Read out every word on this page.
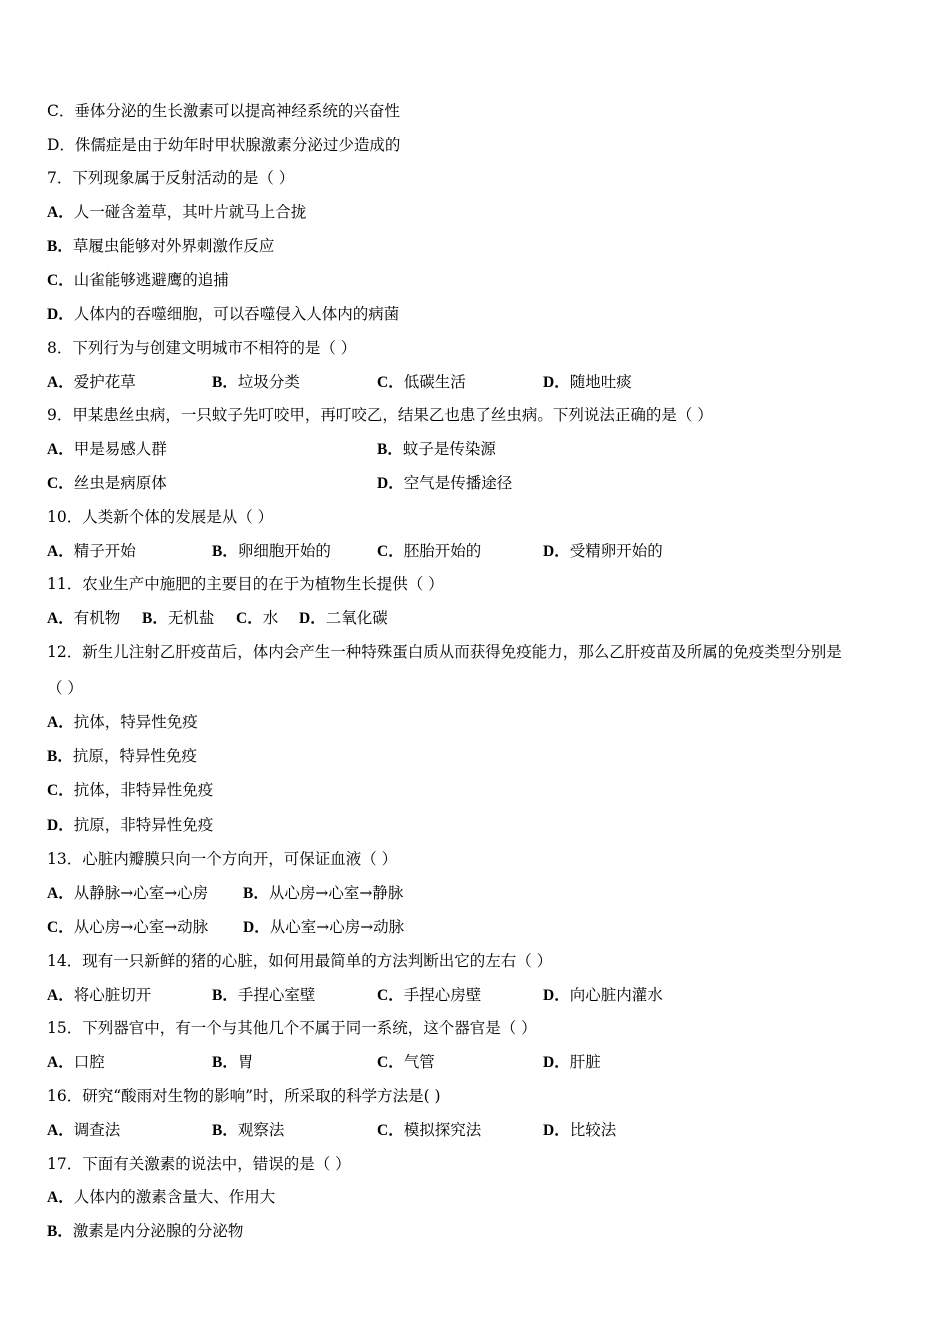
C．垂体分泌的生长激素可以提高神经系统的兴奋性
D．侏儒症是由于幼年时甲状腺激素分泌过少造成的
7．下列现象属于反射活动的是（ ）
A．人一碰含羞草，其叶片就马上合拢
B．草履虫能够对外界刺激作反应
C．山雀能够逃避鹰的追捕
D．人体内的吞噬细胞，可以吞噬侵入人体内的病菌
8．下列行为与创建文明城市不相符的是（ ）
A．爱护花草	B．垃圾分类	C．低碳生活	D．随地吐痰
9．甲某患丝虫病，一只蚊子先叮咬甲，再叮咬乙，结果乙也患了丝虫病。下列说法正确的是（ ）
A．甲是易感人群	B．蚊子是传染源
C．丝虫是病原体	D．空气是传播途径
10．人类新个体的发展是从（ ）
A．精子开始	B．卵细胞开始的	C．胚胎开始的	D．受精卵开始的
11．农业生产中施肥的主要目的在于为植物生长提供（ ）
A．有机物 B．无机盐 C．水 D．二氧化碳
12．新生儿注射乙肝疫苗后，体内会产生一种特殊蛋白质从而获得免疫能力，那么乙肝疫苗及所属的免疫类型分别是
（ ）
A．抗体，特异性免疫
B．抗原，特异性免疫
C．抗体，非特异性免疫
D．抗原，非特异性免疫
13．心脏内瓣膜只向一个方向开，可保证血液（ ）
A．从静脉→心室→心房 B．从心房→心室→静脉
C．从心房→心室→动脉 D．从心室→心房→动脉
14．现有一只新鲜的猪的心脏，如何用最简单的方法判断出它的左右（ ）
A．将心脏切开	B．手捏心室壁	C．手捏心房壁	D．向心脏内灌水
15．下列器官中，有一个与其他几个不属于同一系统，这个器官是（ ）
A．口腔	B．胃	C．气管	D．肝脏
16．研究“酸雨对生物的影响”时，所采取的科学方法是( )
A．调查法	B．观察法	C．模拟探究法	D．比较法
17．下面有关激素的说法中，错误的是（ ）
A．人体内的激素含量大、作用大
B．激素是内分泌腺的分泌物
